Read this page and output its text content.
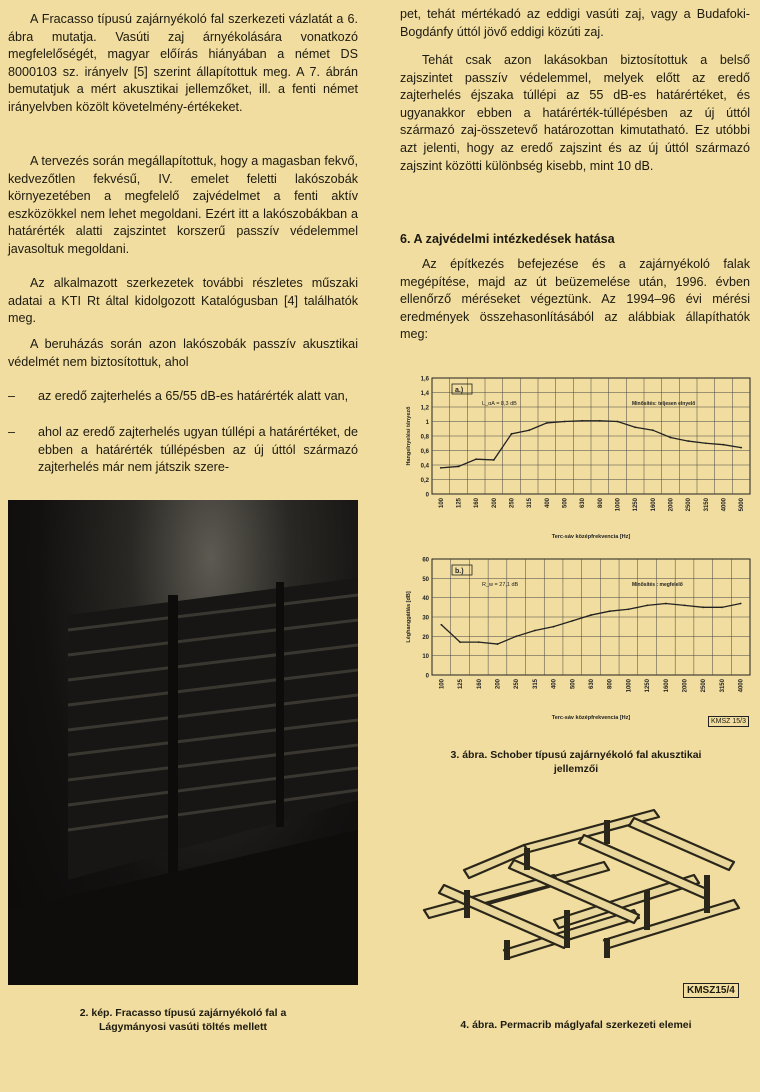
A Fracasso típusú zajárnyékoló fal szerkezeti vázlatát a 6. ábra mutatja. Vasúti zaj árnyékolására vonatkozó megfelelőségét, magyar előírás hiányában a német DS 8000103 sz. irányelv [5] szerint állapítottuk meg. A 7. ábrán bemutatjuk a mért akusztikai jellemzőket, ill. a fenti német irányelvben közölt követelmény-értékeket.

A tervezés során megállapítottuk, hogy a magasban fekvő, kedvezőtlen fekvésű, IV. emelet feletti lakószobák környezetében a megfelelő zajvédelmet a fenti aktív eszközökkel nem lehet megoldani. Ezért itt a lakószobákban a határérték alatti zajszintet korszerű passzív védelemmel javasoltuk megoldani.

Az alkalmazott szerkezetek további részletes műszaki adatai a KTI Rt által kidolgozott Katalógusban [4] találhatók meg.

A beruházás során azon lakószobák passzív akusztikai védelmét nem biztosítottuk, ahol

– az eredő zajterhelés a 65/55 dB-es határérték alatt van,
– ahol az eredő zajterhelés ugyan túllépi a határértéket, de ebben a határérték túllépésben az új úttól származó zajterhelés már nem játszik szere-
2. kép. Fracasso típusú zajárnyékoló fal a
Lágymányosi vasúti töltés mellett

pet, tehát mértékadó az eddigi vasúti zaj, vagy a Budafoki-Bogdánfy úttól jövő eddigi közúti zaj.

Tehát csak azon lakásokban biztosítottuk a belső zajszintet passzív védelemmel, melyek előtt az eredő zajterhelés éjszaka túllépi az 55 dB-es határértéket, és ugyanakkor ebben a határérték-túllépésben az új úttól származó zaj-összetevő határozottan kimutatható. Ez utóbbi azt jelenti, hogy az eredő zajszint és az új úttól származó zajszint közötti különbség kisebb, mint 10 dB.

6. A zajvédelmi intézkedések hatása

Az építkezés befejezése és a zajárnyékoló falak megépítése, majd az út beüzemelése után, 1996. évben ellenőrző méréseket végeztünk. Az 1994–96 évi mérési eredmények összehasonlításából az alábbiak állapíthatók meg:

0
0,2
0,4
0,6
0,8
1
1,2
1,4
1,6
100 125 160 200 250 315 400 500 630 800 1000 1250 1600 2000 2500 3150 4000 5000
a.)
L_αA = 8,3 dB	Minősítés: teljesen elnyelő
Terc-sáv középfrekvencia [Hz]
Hangelnyelési tényező
0
10
20
30
40
50
60
100 125 160 200 250 315 400 500 630 800 1000 1250 1600 2000 2500 3150 4000
b.)
R_w = 27,1 dB	Minősítés : megfelelő
Terc-sáv középfrekvencia [Hz]
Léghanggátlás [dB]
KMSZ 15/3
3. ábra. Schober típusú zajárnyékoló fal akusztikai
jellemzői
KMSZ15/4
4. ábra. Permacrib máglyafal szerkezeti elemei
